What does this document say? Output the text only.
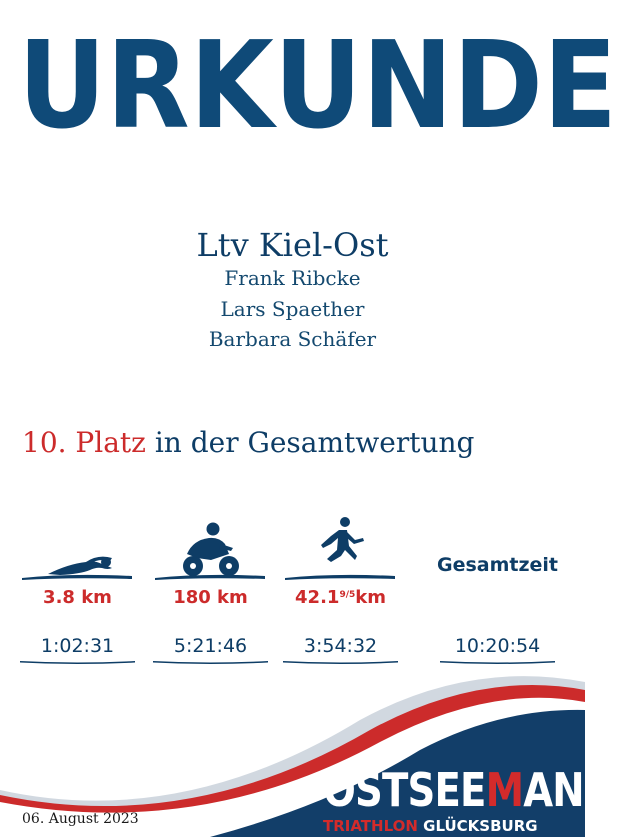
U R K U N D E
Ltv Kiel-Ost
Frank Ribcke
Lars Spaether
Barbara Schäfer
10. Platz in der Gesamtwertung
3.8 km
1:02:31
180 km
5:21:46
$42.1^{9/5}km$
3:54:32
Gesamtzeit
10:20:54
OSTSEEMAN
TRIATHLON GLÜCKSBURG
06. August 2023
